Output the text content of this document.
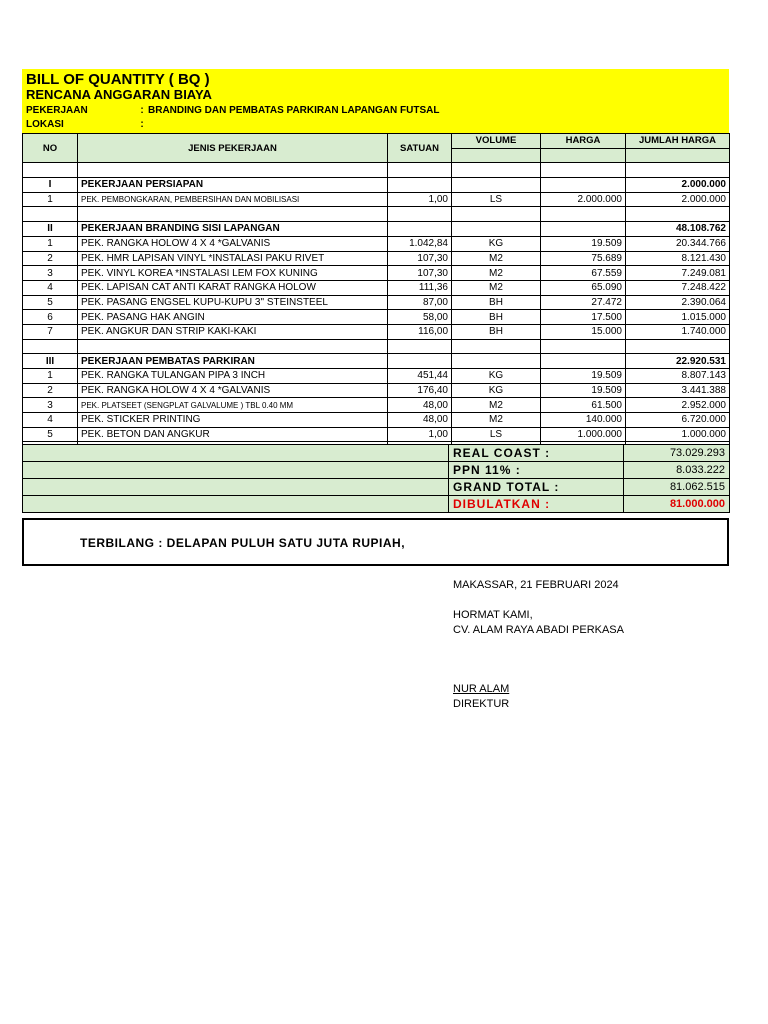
BILL OF QUANTITY ( BQ )
RENCANA ANGGARAN BIAYA
PEKERJAAN	: BRANDING DAN PEMBATAS PARKIRAN LAPANGAN FUTSAL
LOKASI	:
NO	JENIS PEKERJAAN	SATUAN	VOLUME	HARGA	JUMLAH HARGA

I	PEKERJAAN PERSIAPAN				2.000.000
1	PEK. PEMBONGKARAN, PEMBERSIHAN DAN MOBILISASI	1,00	LS	2.000.000	2.000.000

II	PEKERJAAN BRANDING SISI LAPANGAN				48.108.762
1	PEK. RANGKA HOLOW 4 X 4 *GALVANIS	1.042,84	KG	19.509	20.344.766
2	PEK. HMR LAPISAN VINYL *INSTALASI PAKU RIVET	107,30	M2	75.689	8.121.430
3	PEK. VINYL KOREA *INSTALASI LEM FOX KUNING	107,30	M2	67.559	7.249.081
4	PEK. LAPISAN CAT ANTI KARAT RANGKA HOLOW	111,36	M2	65.090	7.248.422
5	PEK. PASANG ENGSEL KUPU-KUPU 3" STEINSTEEL	87,00	BH	27.472	2.390.064
6	PEK. PASANG HAK ANGIN	58,00	BH	17.500	1.015.000
7	PEK. ANGKUR DAN STRIP KAKI-KAKI	116,00	BH	15.000	1.740.000

III	PEKERJAAN PEMBATAS PARKIRAN				22.920.531
1	PEK. RANGKA TULANGAN PIPA 3 INCH	451,44	KG	19.509	8.807.143
2	PEK. RANGKA HOLOW 4 X 4 *GALVANIS	176,40	KG	19.509	3.441.388
3	PEK. PLATSEET (SENGPLAT GALVALUME ) TBL 0.40 MM	48,00	M2	61.500	2.952.000
4	PEK. STICKER PRINTING	48,00	M2	140.000	6.720.000
5	PEK. BETON DAN ANGKUR	1,00	LS	1.000.000	1.000.000

	REAL COAST :	73.029.293
	PPN 11% :	8.033.222
	GRAND TOTAL :	81.062.515
	DIBULATKAN :	81.000.000
TERBILANG : DELAPAN PULUH SATU JUTA RUPIAH,
MAKASSAR, 21 FEBRUARI 2024
HORMAT KAMI,
CV. ALAM RAYA ABADI PERKASA
NUR ALAM
DIREKTUR
